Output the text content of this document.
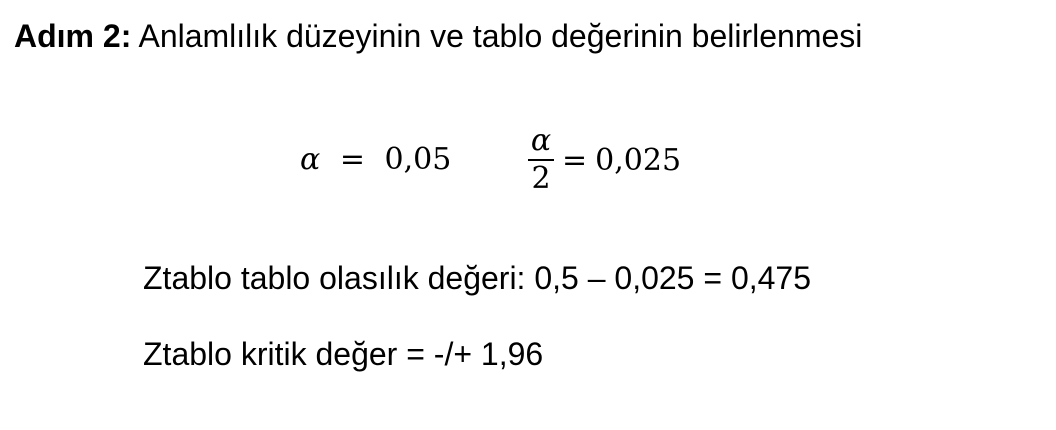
Adım 2: Anlamlılık düzeyinin ve tablo değerinin belirlenmesi
α = 0,05	$\frac{\alpha}{2} = 0,025$
Ztablo tablo olasılık değeri: 0,5 – 0,025 = 0,475
Ztablo kritik değer = -/+ 1,96
